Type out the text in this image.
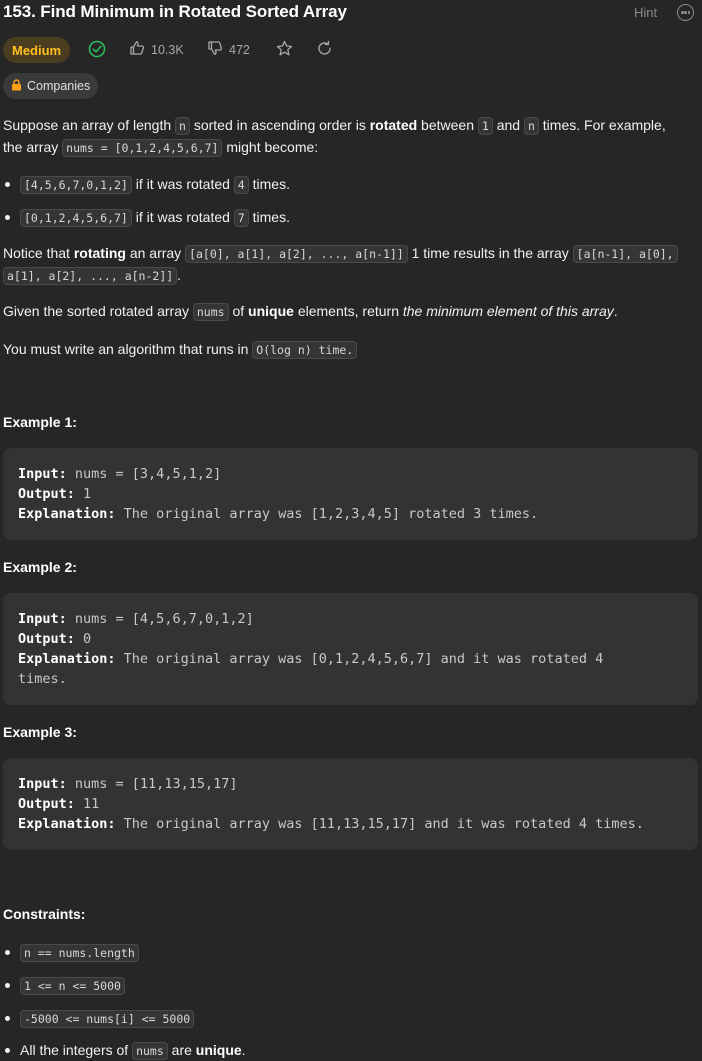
153. Find Minimum in Rotated Sorted Array	Hint
Medium	10.3K	472
Companies
Suppose an array of length n sorted in ascending order is rotated between 1 and n times. For example,
the array nums = [0,1,2,4,5,6,7] might become:
[4,5,6,7,0,1,2] if it was rotated 4 times.
[0,1,2,4,5,6,7] if it was rotated 7 times.
Notice that rotating an array [a[0], a[1], a[2], ..., a[n-1]] 1 time results in the array [a[n-1], a[0],
a[1], a[2], ..., a[n-2]] .
Given the sorted rotated array nums of unique elements, return the minimum element of this array.
You must write an algorithm that runs in O(log n) time.
Example 1:
Input: nums = [3,4,5,1,2]
Output: 1
Explanation: The original array was [1,2,3,4,5] rotated 3 times.
Example 2:
Input: nums = [4,5,6,7,0,1,2]
Output: 0
Explanation: The original array was [0,1,2,4,5,6,7] and it was rotated 4
times.
Example 3:
Input: nums = [11,13,15,17]
Output: 11
Explanation: The original array was [11,13,15,17] and it was rotated 4 times.
Constraints:
n == nums.length
1 <= n <= 5000
-5000 <= nums[i] <= 5000
All the integers of nums are unique.
